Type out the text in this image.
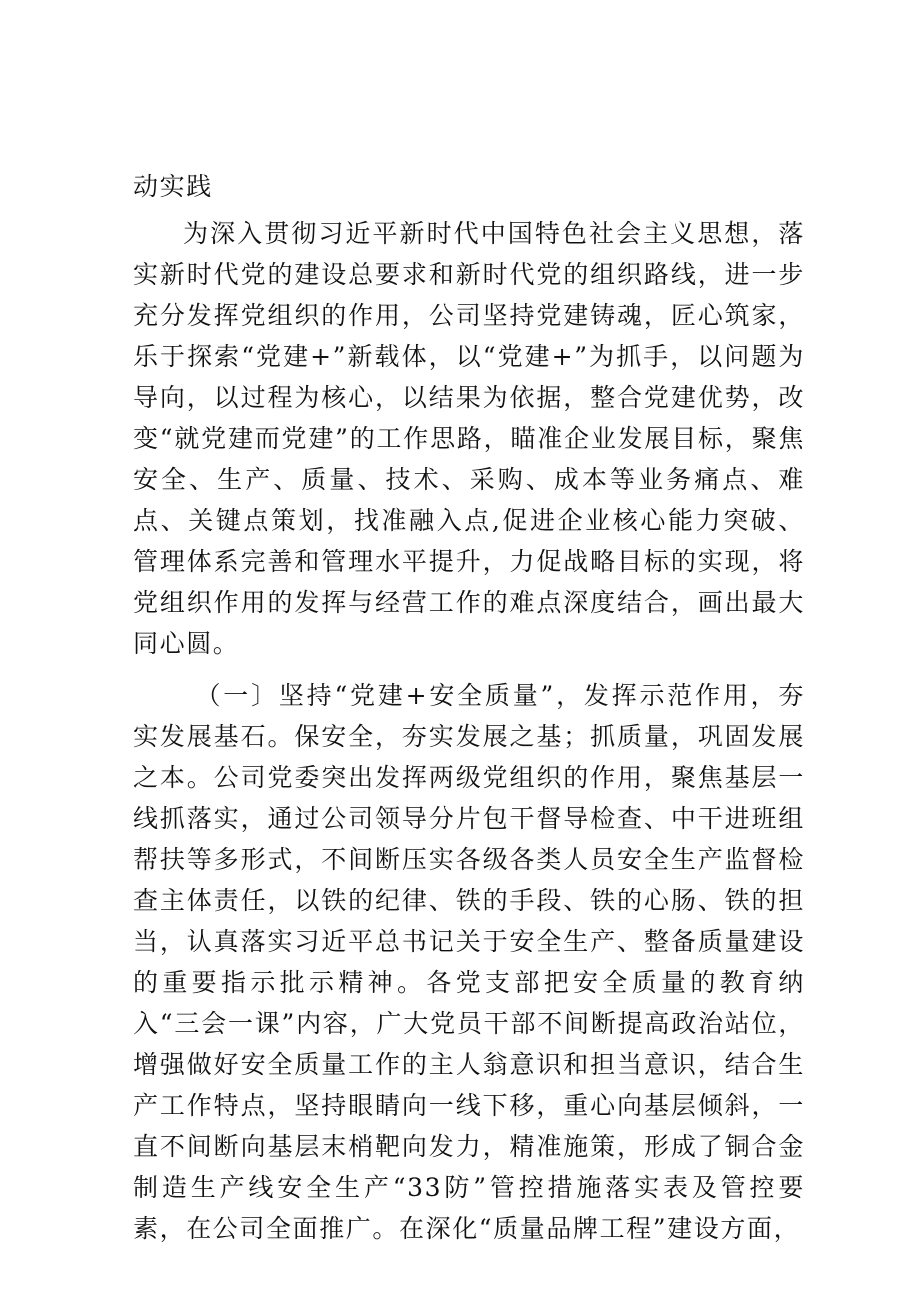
动实践

为深入贯彻习近平新时代中国特色社会主义思想，落实新时代党的建设总要求和新时代党的组织路线，进一步充分发挥党组织的作用，公司坚持党建铸魂，匠心筑家，乐于探索“党建+”新载体，以“党建+”为抓手，以问题为导向，以过程为核心，以结果为依据，整合党建优势，改变“就党建而党建”的工作思路，瞄准企业发展目标，聚焦安全、生产、质量、技术、采购、成本等业务痛点、难点、关键点策划，找准融入点,促进企业核心能力突破、管理体系完善和管理水平提升，力促战略目标的实现，将党组织作用的发挥与经营工作的难点深度结合，画出最大同心圆。

（一〕坚持“党建+安全质量”，发挥示范作用，夯实发展基石。保安全，夯实发展之基；抓质量，巩固发展之本。公司党委突出发挥两级党组织的作用，聚焦基层一线抓落实，通过公司领导分片包干督导检查、中干进班组帮扶等多形式，不间断压实各级各类人员安全生产监督检查主体责任，以铁的纪律、铁的手段、铁的心肠、铁的担当，认真落实习近平总书记关于安全生产、整备质量建设的重要指示批示精神。各党支部把安全质量的教育纳入“三会一课”内容，广大党员干部不间断提高政治站位，增强做好安全质量工作的主人翁意识和担当意识，结合生产工作特点，坚持眼睛向一线下移，重心向基层倾斜，一直不间断向基层末梢靶向发力，精准施策，形成了铜合金制造生产线安全生产“33防”管控措施落实表及管控要素，在公司全面推广。在深化“质量品牌工程”建设方面，
